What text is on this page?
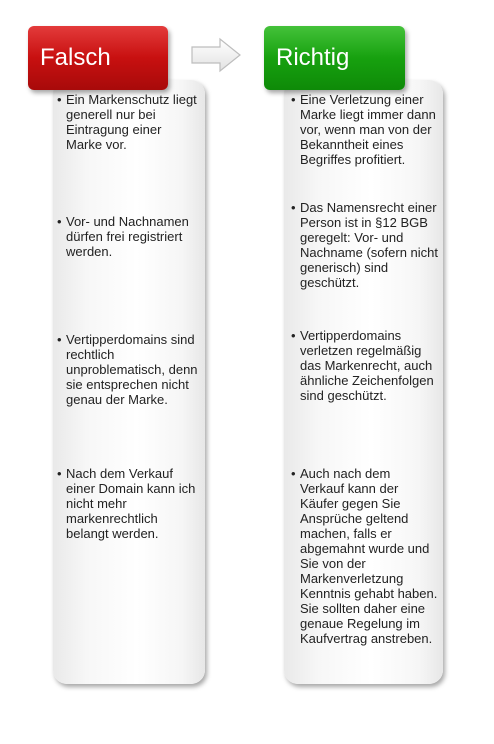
Falsch
• Ein Markenschutz liegt generell nur bei Eintragung einer Marke vor.
• Vor- und Nachnamen dürfen frei registriert werden.
• Vertipperdomains sind rechtlich unproblematisch, denn sie entsprechen nicht genau der Marke.
• Nach dem Verkauf einer Domain kann ich nicht mehr markenrechtlich belangt werden.
Richtig
• Eine Verletzung einer Marke liegt immer dann vor, wenn man von der Bekanntheit eines Begriffes profitiert.
• Das Namensrecht einer Person ist in §12 BGB geregelt: Vor- und Nachname (sofern nicht generisch) sind geschützt.
• Vertipperdomains verletzen regelmäßig das Markenrecht, auch ähnliche Zeichenfolgen sind geschützt.
• Auch nach dem Verkauf kann der Käufer gegen Sie Ansprüche geltend machen, falls er abgemahnt wurde und Sie von der Markenverletzung Kenntnis gehabt haben. Sie sollten daher eine genaue Regelung im Kaufvertrag anstreben.
